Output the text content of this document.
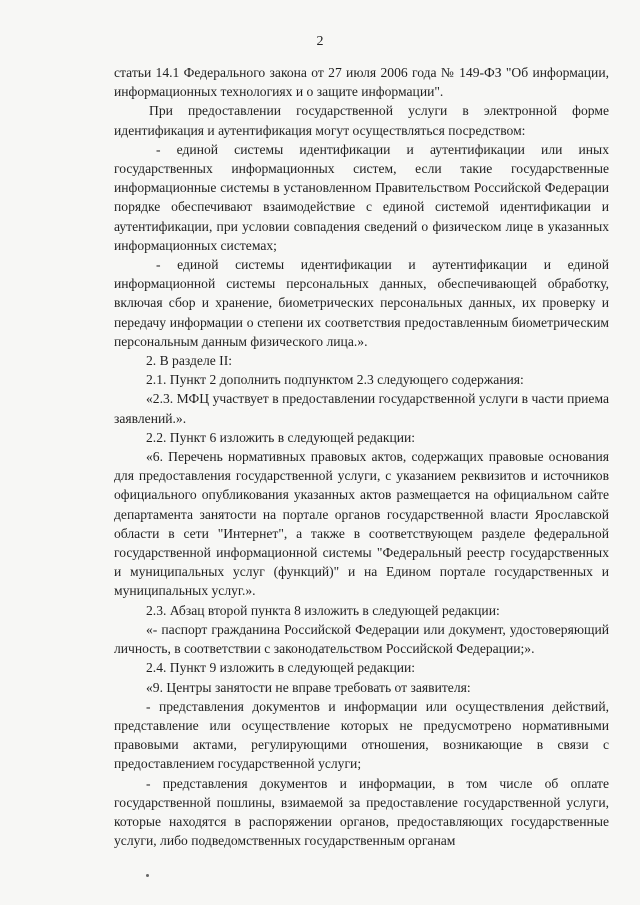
2

статьи 14.1 Федерального закона от 27 июля 2006 года № 149-ФЗ "Об информации, информационных технологиях и о защите информации".

При предоставлении государственной услуги в электронной форме идентификация и аутентификация могут осуществляться посредством:

- единой системы идентификации и аутентификации или иных государственных информационных систем, если такие государственные информационные системы в установленном Правительством Российской Федерации порядке обеспечивают взаимодействие с единой системой идентификации и аутентификации, при условии совпадения сведений о физическом лице в указанных информационных системах;

- единой системы идентификации и аутентификации и единой информационной системы персональных данных, обеспечивающей обработку, включая сбор и хранение, биометрических персональных данных, их проверку и передачу информации о степени их соответствия предоставленным биометрическим персональным данным физического лица.».

2. В разделе II:

2.1. Пункт 2 дополнить подпунктом 2.3 следующего содержания:

«2.3. МФЦ участвует в предоставлении государственной услуги в части приема заявлений.».

2.2. Пункт 6 изложить в следующей редакции:

«6. Перечень нормативных правовых актов, содержащих правовые основания для предоставления государственной услуги, с указанием реквизитов и источников официального опубликования указанных актов размещается на официальном сайте департамента занятости на портале органов государственной власти Ярославской области в сети "Интернет", а также в соответствующем разделе федеральной государственной информационной системы "Федеральный реестр государственных и муниципальных услуг (функций)" и на Едином портале государственных и муниципальных услуг.».

2.3. Абзац второй пункта 8 изложить в следующей редакции:

«- паспорт гражданина Российской Федерации или документ, удостоверяющий личность, в соответствии с законодательством Российской Федерации;».

2.4. Пункт 9 изложить в следующей редакции:

«9. Центры занятости не вправе требовать от заявителя:

- представления документов и информации или осуществления действий, представление или осуществление которых не предусмотрено нормативными правовыми актами, регулирующими отношения, возникающие в связи с предоставлением государственной услуги;

- представления документов и информации, в том числе об оплате государственной пошлины, взимаемой за предоставление государственной услуги, которые находятся в распоряжении органов, предоставляющих государственные услуги, либо подведомственных государственным органам
